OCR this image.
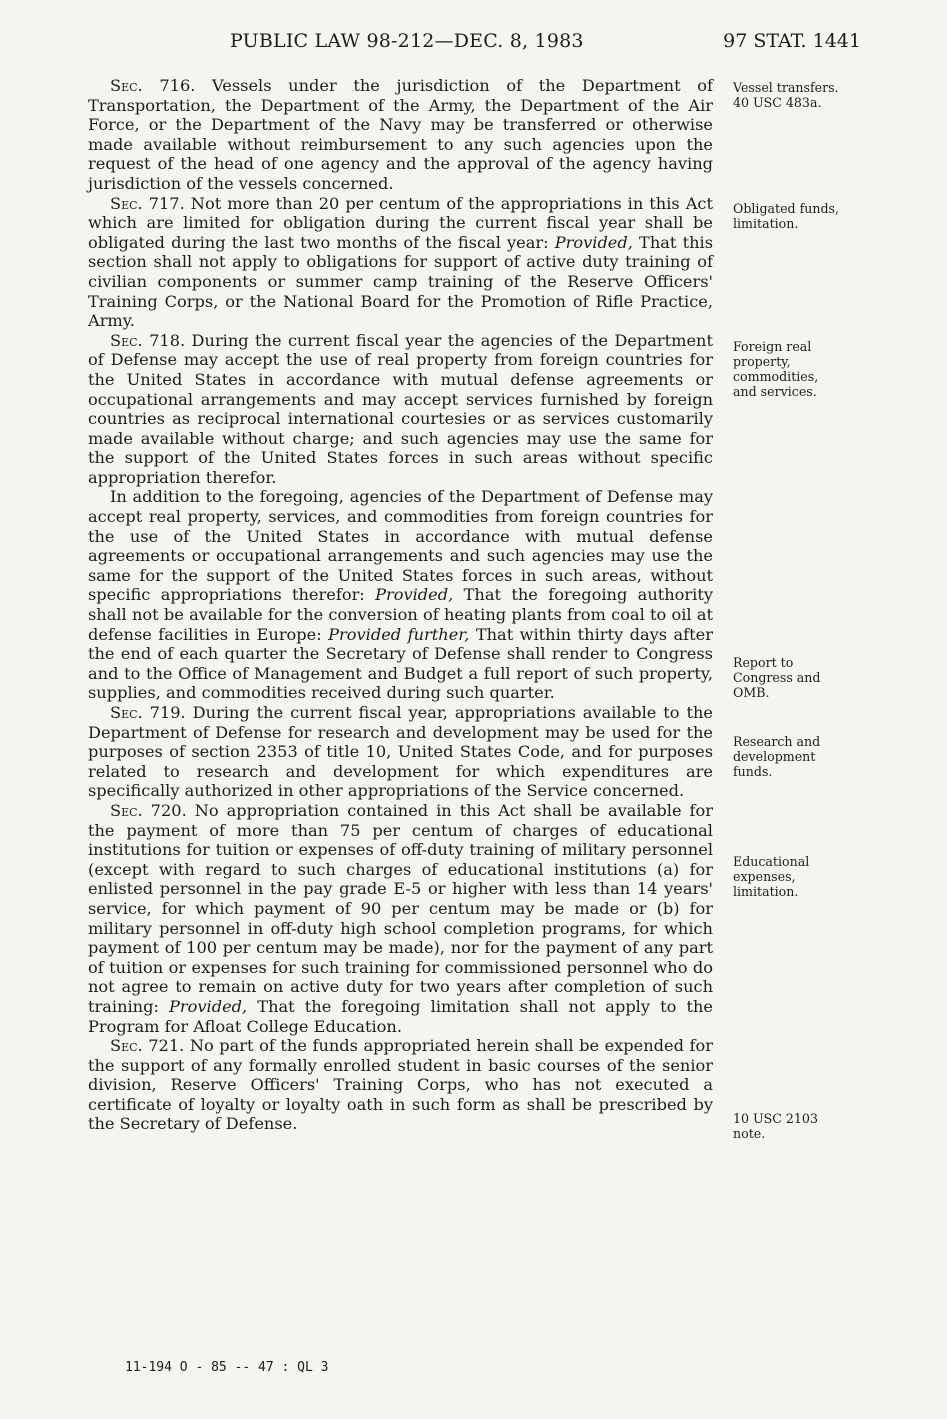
PUBLIC LAW 98-212—DEC. 8, 1983	97 STAT. 1441

Sec. 716. Vessels under the jurisdiction of the Department of Transportation, the Department of the Army, the Department of the Air Force, or the Department of the Navy may be transferred or otherwise made available without reimbursement to any such agencies upon the request of the head of one agency and the approval of the agency having jurisdiction of the vessels concerned.

Sec. 717. Not more than 20 per centum of the appropriations in this Act which are limited for obligation during the current fiscal year shall be obligated during the last two months of the fiscal year: Provided, That this section shall not apply to obligations for support of active duty training of civilian components or summer camp training of the Reserve Officers' Training Corps, or the National Board for the Promotion of Rifle Practice, Army.

Sec. 718. During the current fiscal year the agencies of the Department of Defense may accept the use of real property from foreign countries for the United States in accordance with mutual defense agreements or occupational arrangements and may accept services furnished by foreign countries as reciprocal international courtesies or as services customarily made available without charge; and such agencies may use the same for the support of the United States forces in such areas without specific appropriation therefor.

In addition to the foregoing, agencies of the Department of Defense may accept real property, services, and commodities from foreign countries for the use of the United States in accordance with mutual defense agreements or occupational arrangements and such agencies may use the same for the support of the United States forces in such areas, without specific appropriations therefor: Provided, That the foregoing authority shall not be available for the conversion of heating plants from coal to oil at defense facilities in Europe: Provided further, That within thirty days after the end of each quarter the Secretary of Defense shall render to Congress and to the Office of Management and Budget a full report of such property, supplies, and commodities received during such quarter.

Sec. 719. During the current fiscal year, appropriations available to the Department of Defense for research and development may be used for the purposes of section 2353 of title 10, United States Code, and for purposes related to research and development for which expenditures are specifically authorized in other appropriations of the Service concerned.

Sec. 720. No appropriation contained in this Act shall be available for the payment of more than 75 per centum of charges of educational institutions for tuition or expenses of off-duty training of military personnel (except with regard to such charges of educational institutions (a) for enlisted personnel in the pay grade E-5 or higher with less than 14 years' service, for which payment of 90 per centum may be made or (b) for military personnel in off-duty high school completion programs, for which payment of 100 per centum may be made), nor for the payment of any part of tuition or expenses for such training for commissioned personnel who do not agree to remain on active duty for two years after completion of such training: Provided, That the foregoing limitation shall not apply to the Program for Afloat College Education.

Sec. 721. No part of the funds appropriated herein shall be expended for the support of any formally enrolled student in basic courses of the senior division, Reserve Officers' Training Corps, who has not executed a certificate of loyalty or loyalty oath in such form as shall be prescribed by the Secretary of Defense.

Vessel transfers.
40 USC 483a.
Obligated funds,
limitation.
Foreign real
property,
commodities,
and services.
Report to
Congress and
OMB.
Research and
development
funds.
Educational
expenses,
limitation.
10 USC 2103
note.
11-194 O - 85 -- 47 : QL 3
